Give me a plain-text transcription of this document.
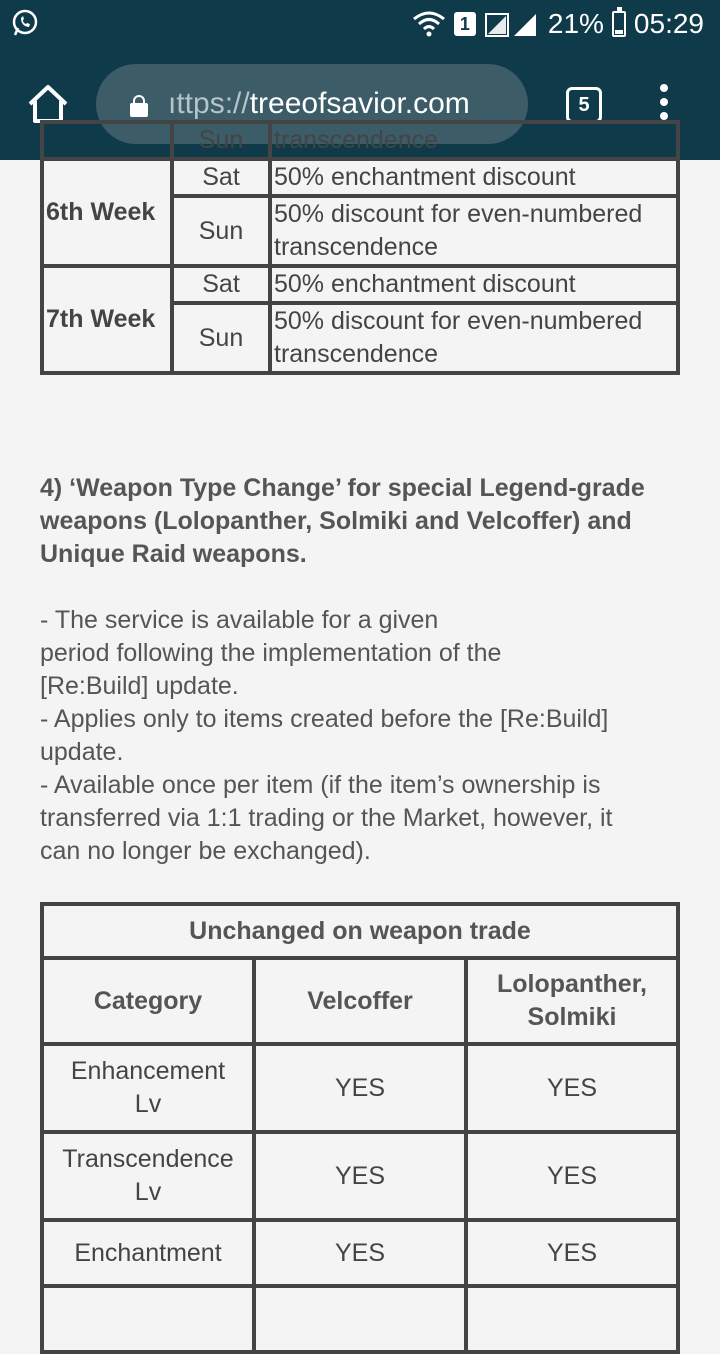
1	21% 05:29
ıttps://treeofsavior.com	5
	Sun	transcendence
6th Week	Sat	50% enchantment discount
	Sun	50% discount for even-numbered
transcendence

7th Week	Sat	50% enchantment discount
	Sun	50% discount for even-numbered
transcendence
4) ‘Weapon Type Change’ for special Legend-grade weapons (Lolopanther, Solmiki and Velcoffer) and Unique Raid weapons.
- The service is available for a given
period following the implementation of the
[Re:Build] update.
- Applies only to items created before the [Re:Build]
update.
- Available once per item (if the item’s ownership is
transferred via 1:1 trading or the Market, however, it
can no longer be exchanged).
Unchanged on weapon trade		
Category	Velcoffer	Lolopanther, Solmiki

Enhancement
Lv	YES	YES

Transcendence
Lv	YES	YES
Enchantment	YES	YES
